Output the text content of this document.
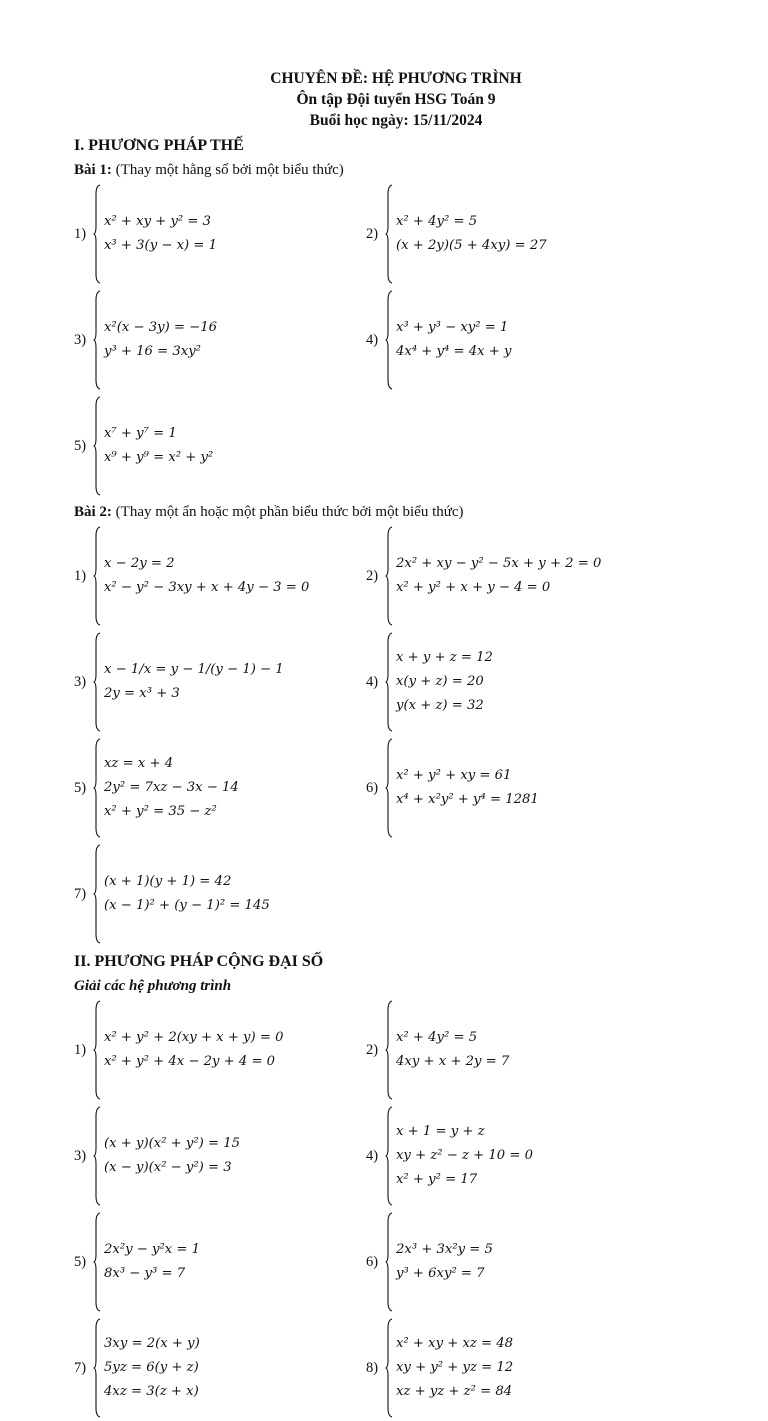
CHUYÊN ĐỀ: HỆ PHƯƠNG TRÌNH
Ôn tập Đội tuyển HSG Toán 9
Buổi học ngày: 15/11/2024
I. PHƯƠNG PHÁP THẾ
Bài 1: (Thay một hằng số bởi một biểu thức)
1)
x² + xy + y² = 3
x³ + 3(y − x) = 1
2)
x² + 4y² = 5
(x + 2y)(5 + 4xy) = 27
3)
x²(x − 3y) = −16
y³ + 16 = 3xy²
4)
x³ + y³ − xy² = 1
4x⁴ + y⁴ = 4x + y
5)
x⁷ + y⁷ = 1
x⁹ + y⁹ = x² + y²
Bài 2: (Thay một ẩn hoặc một phần biểu thức bởi một biểu thức)
1)
x − 2y = 2
x² − y² − 3xy + x + 4y − 3 = 0
2)
2x² + xy − y² − 5x + y + 2 = 0
x² + y² + x + y − 4 = 0
3)
x − 1/x = y − 1/(y − 1) − 1
2y = x³ + 3
4)
x + y + z = 12
x(y + z) = 20
y(x + z) = 32
5)
xz = x + 4
2y² = 7xz − 3x − 14
x² + y² = 35 − z²
6)
x² + y² + xy = 61
x⁴ + x²y² + y⁴ = 1281
7)
(x + 1)(y + 1) = 42
(x − 1)² + (y − 1)² = 145
II. PHƯƠNG PHÁP CỘNG ĐẠI SỐ
Giải các hệ phương trình
1)
x² + y² + 2(xy + x + y) = 0
x² + y² + 4x − 2y + 4 = 0
2)
x² + 4y² = 5
4xy + x + 2y = 7
3)
(x + y)(x² + y²) = 15
(x − y)(x² − y²) = 3
4)
x + 1 = y + z
xy + z² − z + 10 = 0
x² + y² = 17
5)
2x²y − y²x = 1
8x³ − y³ = 7
6)
2x³ + 3x²y = 5
y³ + 6xy² = 7
7)
3xy = 2(x + y)
5yz = 6(y + z)
4xz = 3(z + x)
8)
x² + xy + xz = 48
xy + y² + yz = 12
xz + yz + z² = 84
